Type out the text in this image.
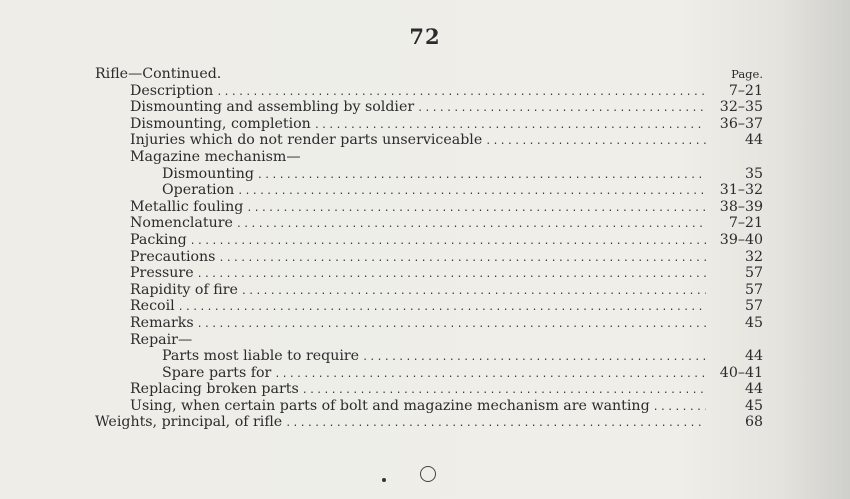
72
Rifle—Continued.	Page.
Description .....	7–21
Dismounting and assembling by soldier .....	32–35
Dismounting, completion .....	36–37
Injuries which do not render parts unserviceable .....	44
Magazine mechanism—
Dismounting .....	35
Operation .....	31–32
Metallic fouling .....	38–39
Nomenclature .....	7–21
Packing .....	39–40
Precautions .....	32
Pressure .....	57
Rapidity of fire .....	57
Recoil .....	57
Remarks .....	45
Repair—
Parts most liable to require .....	44
Spare parts for .....	40–41
Replacing broken parts .....	44
Using, when certain parts of bolt and magazine mechanism are wanting .....	45
Weights, principal, of rifle .....	68
